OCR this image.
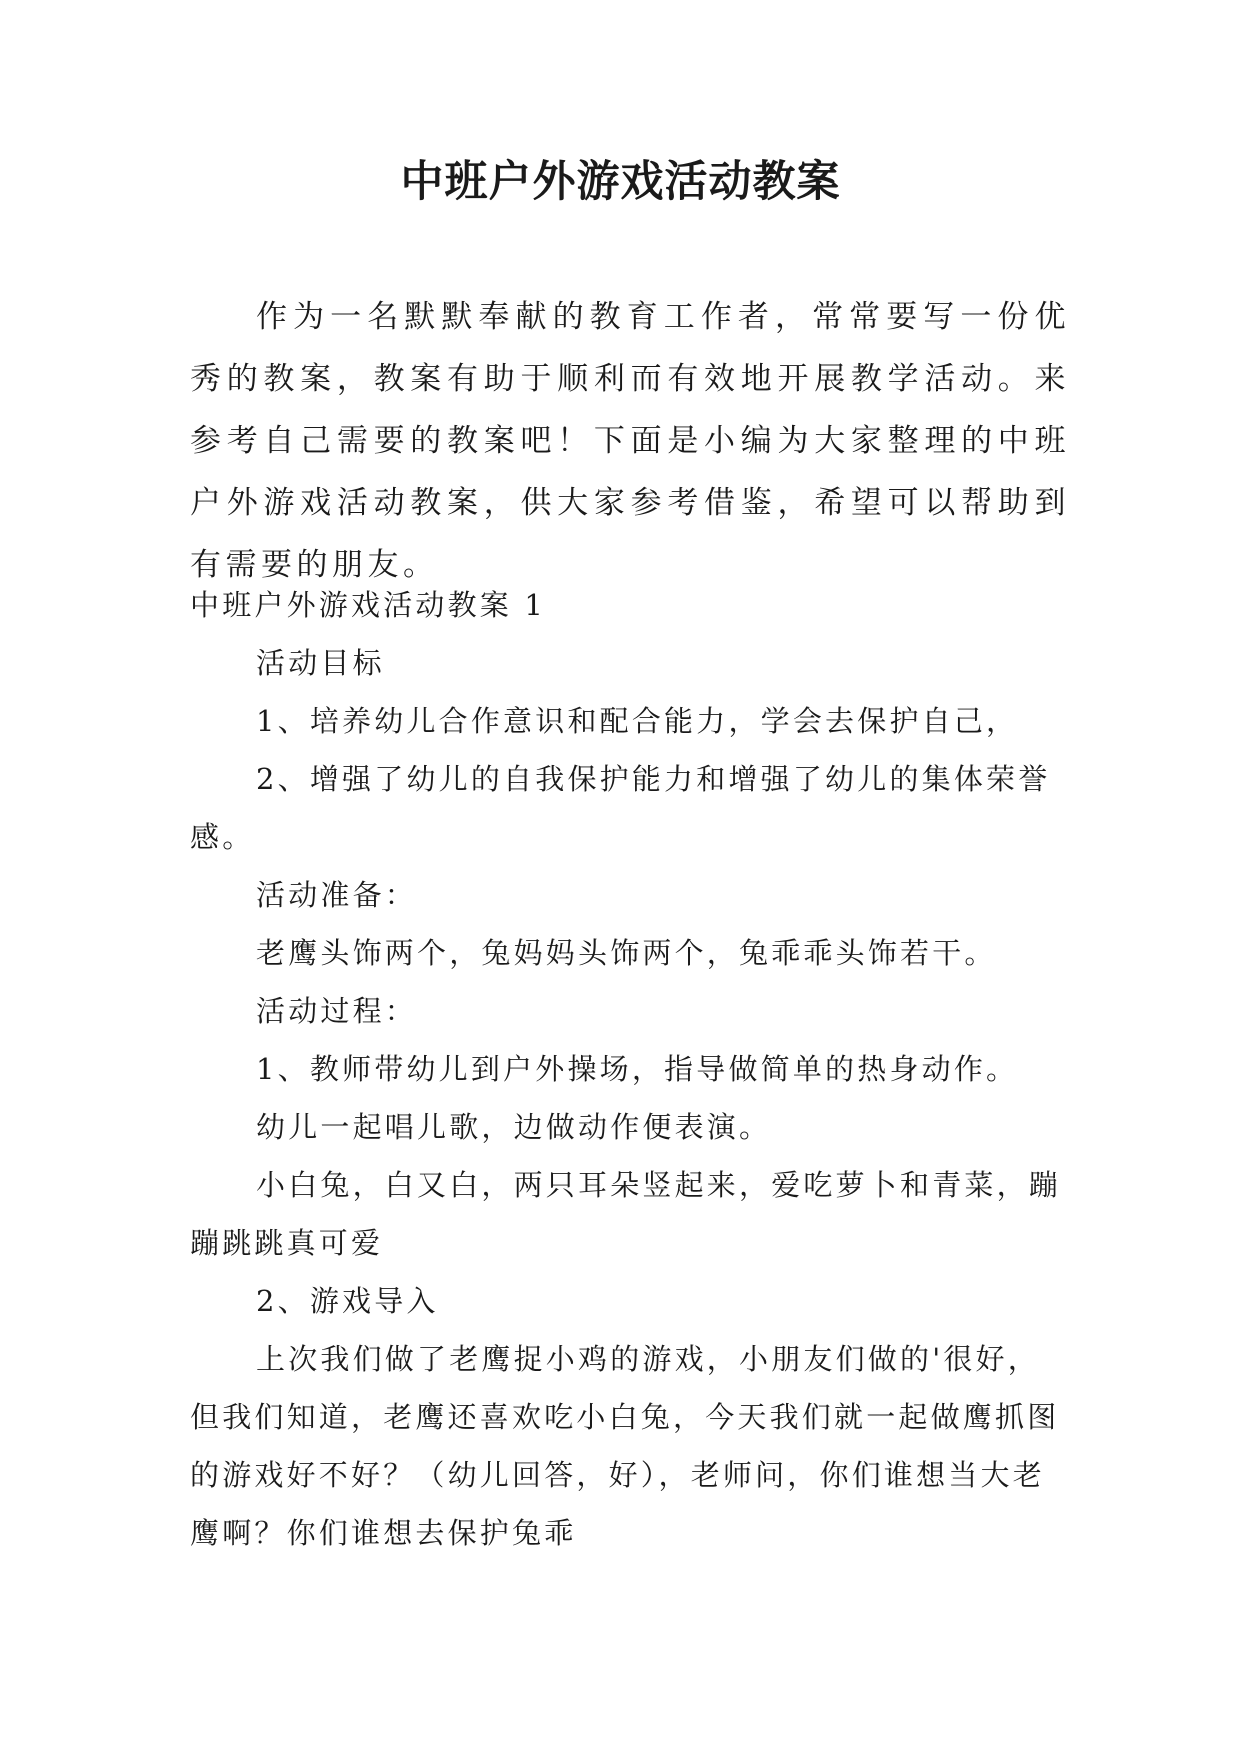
中班户外游戏活动教案

作为一名默默奉献的教育工作者，常常要写一份优秀的教案，教案有助于顺利而有效地开展教学活动。来参考自己需要的教案吧！下面是小编为大家整理的中班户外游戏活动教案，供大家参考借鉴，希望可以帮助到有需要的朋友。

中班户外游戏活动教案 1

活动目标

1、培养幼儿合作意识和配合能力，学会去保护自己，

2、增强了幼儿的自我保护能力和增强了幼儿的集体荣誉感。

活动准备：

老鹰头饰两个，兔妈妈头饰两个，兔乖乖头饰若干。

活动过程：

1、教师带幼儿到户外操场，指导做简单的热身动作。

幼儿一起唱儿歌，边做动作便表演。

小白兔，白又白，两只耳朵竖起来，爱吃萝卜和青菜，蹦蹦跳跳真可爱

2、游戏导入

上次我们做了老鹰捉小鸡的游戏，小朋友们做的'很好，但我们知道，老鹰还喜欢吃小白兔，今天我们就一起做鹰抓图的游戏好不好？（幼儿回答，好），老师问，你们谁想当大老鹰啊？你们谁想去保护兔乖
